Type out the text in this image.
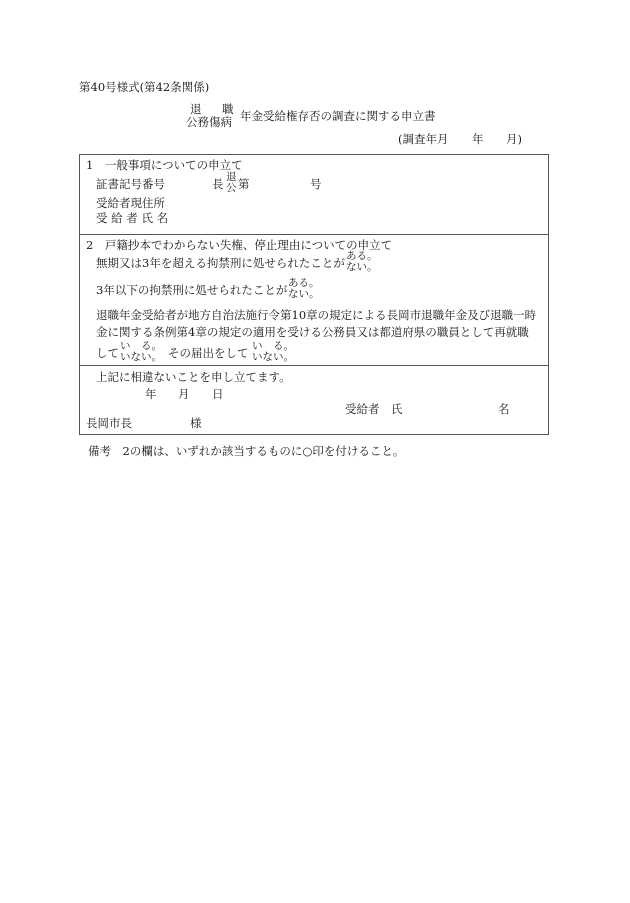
第40号様式(第42条関係)
退 職
公務傷病 年金受給権存否の調査に関する申立書
(調査年月 年 月)
1　一般事項についての申立て
証書記号番号	長 退
公 第	号
受給者現住所
受 給 者 氏 名
2　戸籍抄本でわからない失権、停止理由についての申立て
無期又は3年を超える拘禁刑に処せられたことが ある。
ない。
3年以下の拘禁刑に処せられたことが ある。
ない。
退職年金受給者が地方自治法施行令第10章の規定による長岡市退職年金及び退職一時
金に関する条例第4章の規定の適用を受ける公務員又は都道府県の職員として再就職
して い　る。
いない。 その届出をして い　る。
いない。
上記に相違ないことを申し立てます。
年 月 日
受給者　氏	名
長岡市長	様
備考　2の欄は、いずれか該当するものに○印を付けること。
